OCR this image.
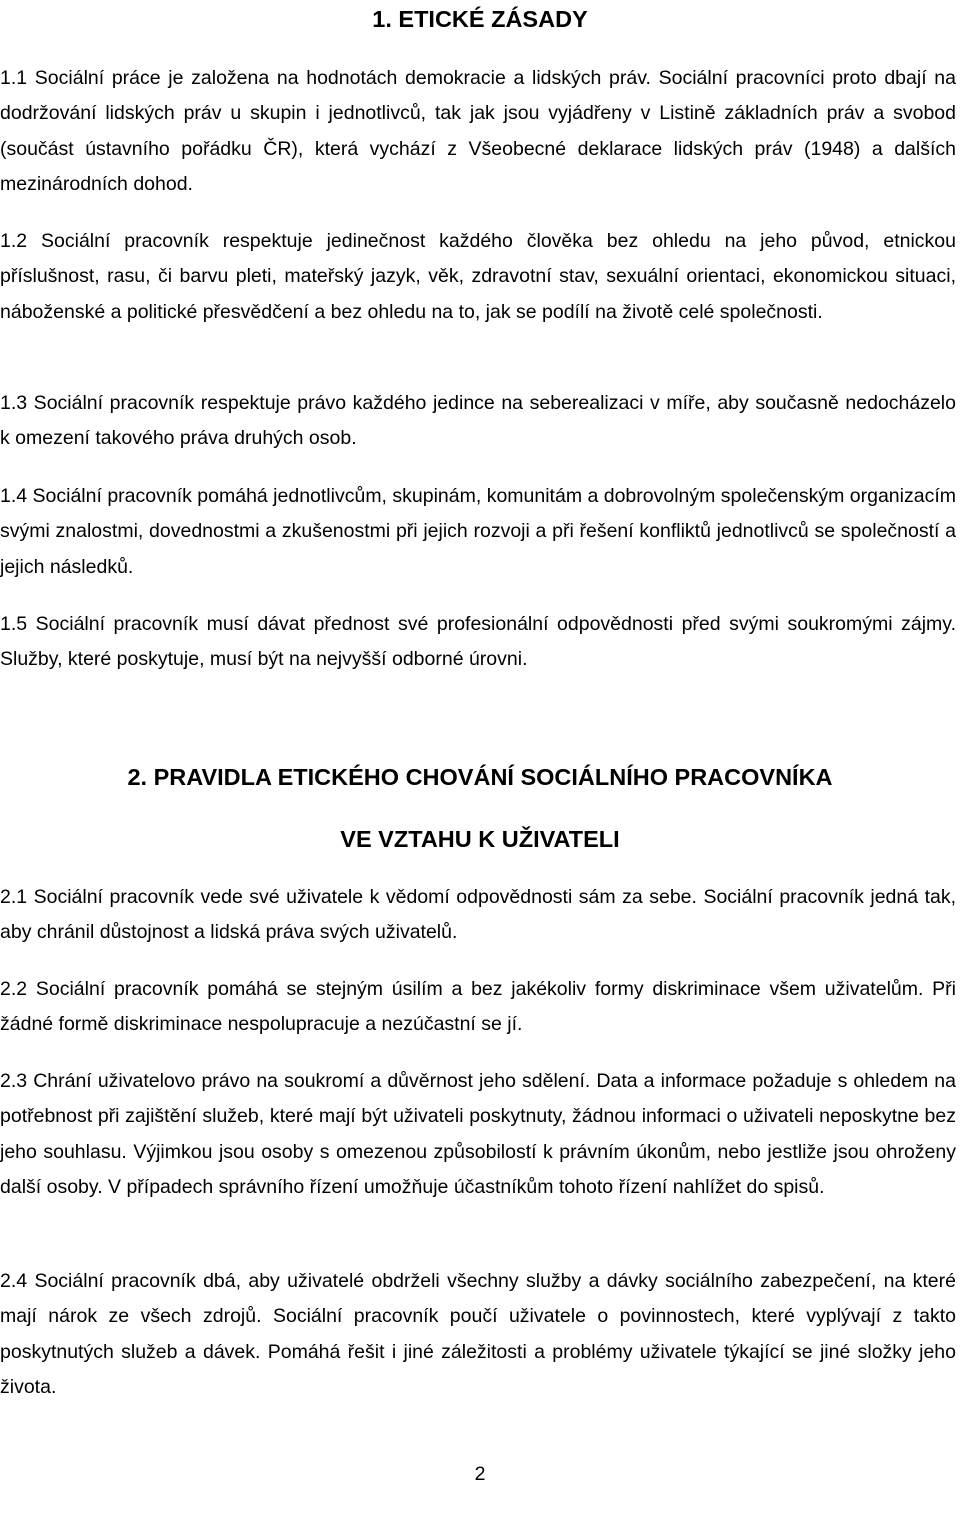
1. ETICKÉ ZÁSADY
1.1 Sociální práce je založena na hodnotách demokracie a lidských práv. Sociální pracovníci proto dbají na dodržování lidských práv u skupin i jednotlivců, tak jak jsou vyjádřeny v Listině základních práv a svobod (součást ústavního pořádku ČR), která vychází z Všeobecné deklarace lidských práv (1948) a dalších mezinárodních dohod.
1.2 Sociální pracovník respektuje jedinečnost každého člověka bez ohledu na jeho původ, etnickou příslušnost, rasu, či barvu pleti, mateřský jazyk, věk, zdravotní stav, sexuální orientaci, ekonomickou situaci, náboženské a politické přesvědčení a bez ohledu na to, jak se podílí na životě celé společnosti.
1.3 Sociální pracovník respektuje právo každého jedince na seberealizaci v míře, aby současně nedocházelo k omezení takového práva druhých osob.
1.4 Sociální pracovník pomáhá jednotlivcům, skupinám, komunitám a dobrovolným společenským organizacím svými znalostmi, dovednostmi a zkušenostmi při jejich rozvoji a při řešení konfliktů jednotlivců se společností a jejich následků.
1.5 Sociální pracovník musí dávat přednost své profesionální odpovědnosti před svými soukromými zájmy. Služby, které poskytuje, musí být na nejvyšší odborné úrovni.
2. PRAVIDLA ETICKÉHO CHOVÁNÍ SOCIÁLNÍHO PRACOVNÍKA
VE VZTAHU K UŽIVATELI
2.1 Sociální pracovník vede své uživatele k vědomí odpovědnosti sám za sebe. Sociální pracovník jedná tak, aby chránil důstojnost a lidská práva svých uživatelů.
2.2 Sociální pracovník pomáhá se stejným úsilím a bez jakékoliv formy diskriminace všem uživatelům. Při žádné formě diskriminace nespolupracuje a nezúčastní se jí.
2.3 Chrání uživatelovo právo na soukromí a důvěrnost jeho sdělení. Data a informace požaduje s ohledem na potřebnost při zajištění služeb, které mají být uživateli poskytnuty, žádnou informaci o uživateli neposkytne bez jeho souhlasu. Výjimkou jsou osoby s omezenou způsobilostí k právním úkonům, nebo jestliže jsou ohroženy další osoby. V případech správního řízení umožňuje účastníkům tohoto řízení nahlížet do spisů.
2.4 Sociální pracovník dbá, aby uživatelé obdrželi všechny služby a dávky sociálního zabezpečení, na které mají nárok ze všech zdrojů. Sociální pracovník poučí uživatele o povinnostech, které vyplývají z takto poskytnutých služeb a dávek. Pomáhá řešit i jiné záležitosti a problémy uživatele týkající se jiné složky jeho života.
2
